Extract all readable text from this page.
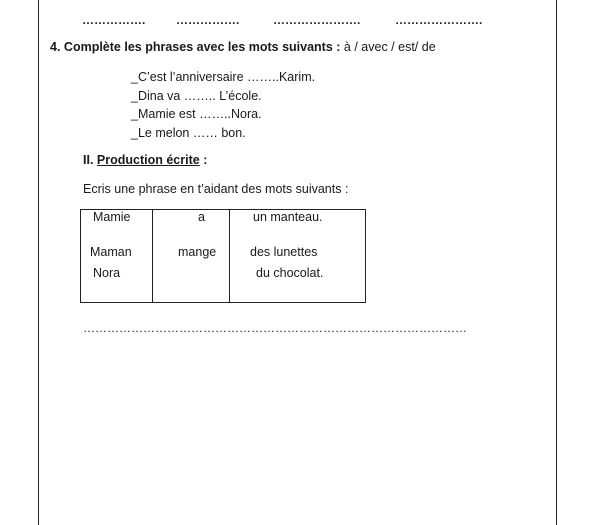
…………….	…………….	………………….	………………….
4. Complète les phrases avec les mots suivants : à / avec / est/ de
_C’est l’anniversaire ……..Karim.
_Dina va …….. L’école.
_Mamie est ……..Nora.
_Le melon …… bon.
II. Production écrite :
Ecris une phrase en t’aidant des mots suivants :
Mamie	a	un manteau.

Maman	mange	des lunettes

Nora		du chocolat.
……………………………………………………………………………………
